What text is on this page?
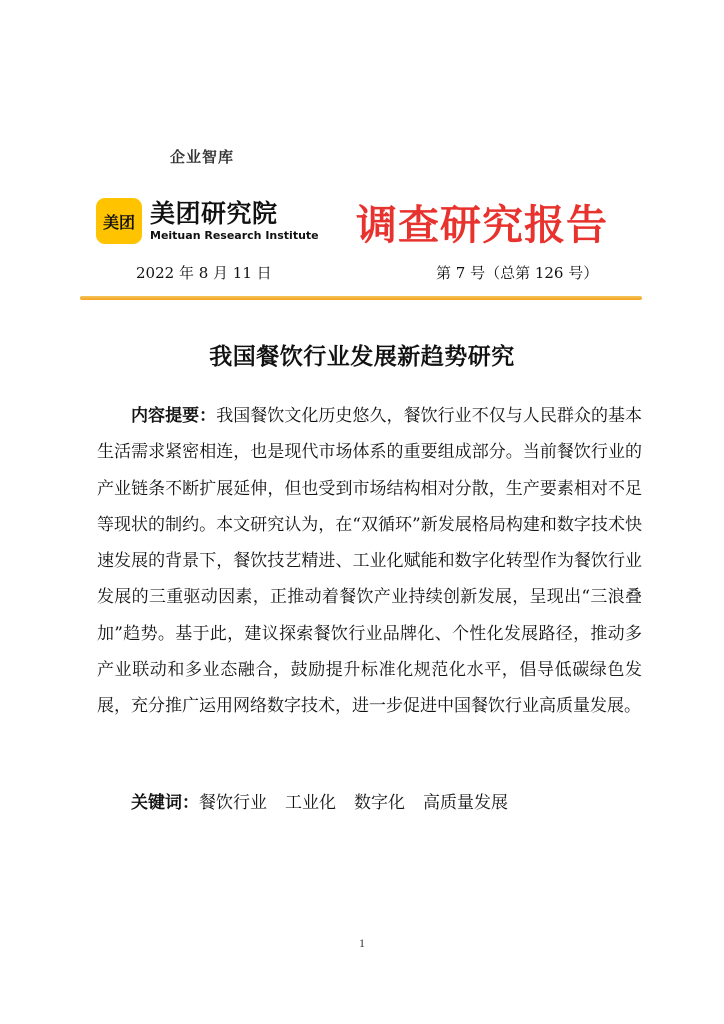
企业智库
美团 美团研究院
Meituan Research Institute 调查研究报告
2022 年 8 月 11 日	第 7 号（总第 126 号）
我国餐饮行业发展新趋势研究

内容提要：我国餐饮文化历史悠久，餐饮行业不仅与人民群众的基本生活需求紧密相连，也是现代市场体系的重要组成部分。当前餐饮行业的产业链条不断扩展延伸，但也受到市场结构相对分散，生产要素相对不足等现状的制约。本文研究认为，在“双循环”新发展格局构建和数字技术快速发展的背景下，餐饮技艺精进、工业化赋能和数字化转型作为餐饮行业发展的三重驱动因素，正推动着餐饮产业持续创新发展，呈现出“三浪叠加”趋势。基于此，建议探索餐饮行业品牌化、个性化发展路径，推动多产业联动和多业态融合，鼓励提升标准化规范化水平，倡导低碳绿色发展，充分推广运用网络数字技术，进一步促进中国餐饮行业高质量发展。

关键词：餐饮行业 工业化 数字化 高质量发展
1
